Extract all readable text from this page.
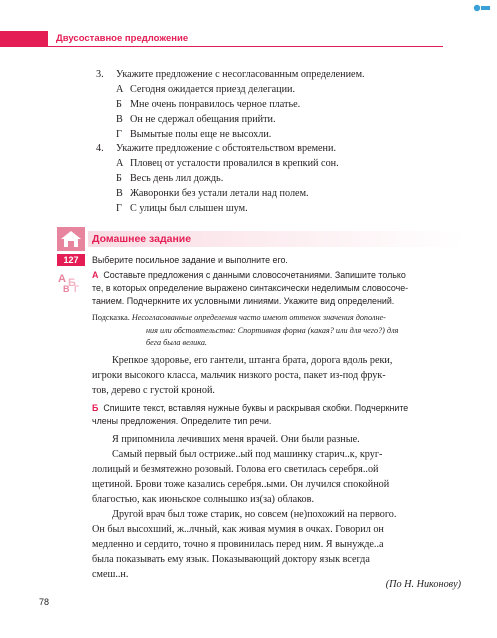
Двусоставное предложение
3. Укажите предложение с несогласованным определением.
А Сегодня ожидается приезд делегации.
Б Мне очень понравилось черное платье.
В Он не сдержал обещания прийти.
Г Вымытые полы еще не высохли.
4. Укажите предложение с обстоятельством времени.
А Пловец от усталости провалился в крепкий сон.
Б Весь день лил дождь.
В Жаворонки без устали летали над полем.
Г С улицы был слышен шум.
Домашнее задание
127	Выберите посильное задание и выполните его.
А Б
В Г
А Составьте предложения с данными словосочетаниями. Запишите только
те, в которых определение выражено синтаксически неделимым словосоче-
танием. Подчеркните их условными линиями. Укажите вид определений.
Подсказка. Несогласованные определения часто имеют оттенок значения дополне-
ния или обстоятельства: Спортивная форма (какая? или для чего?) для
бега была велика.
Крепкое здоровье, его гантели, штанга брата, дорога вдоль реки,
игроки высокого класса, мальчик низкого роста, пакет из-под фрук-
тов, дерево с густой кроной.
Б Спишите текст, вставляя нужные буквы и раскрывая скобки. Подчеркните
члены предложения. Определите тип речи.
Я припомнила лечивших меня врачей. Они были разные.
Самый первый был остриже..ый под машинку старич..к, круг-
лолицый и безмятежно розовый. Голова его светилась серебря..ой
щетиной. Брови тоже казались серебря..ыми. Он лучился спокойной
благостью, как июньское солнышко из(за) облаков.
Другой врач был тоже старик, но совсем (не)похожий на первого.
Он был высохший, ж..лчный, как живая мумия в очках. Говорил он
медленно и сердито, точно я провинилась перед ним. Я вынужде..а
была показывать ему язык. Показывающий доктору язык всегда
смеш..н.
(По Н. Никонову)
78
